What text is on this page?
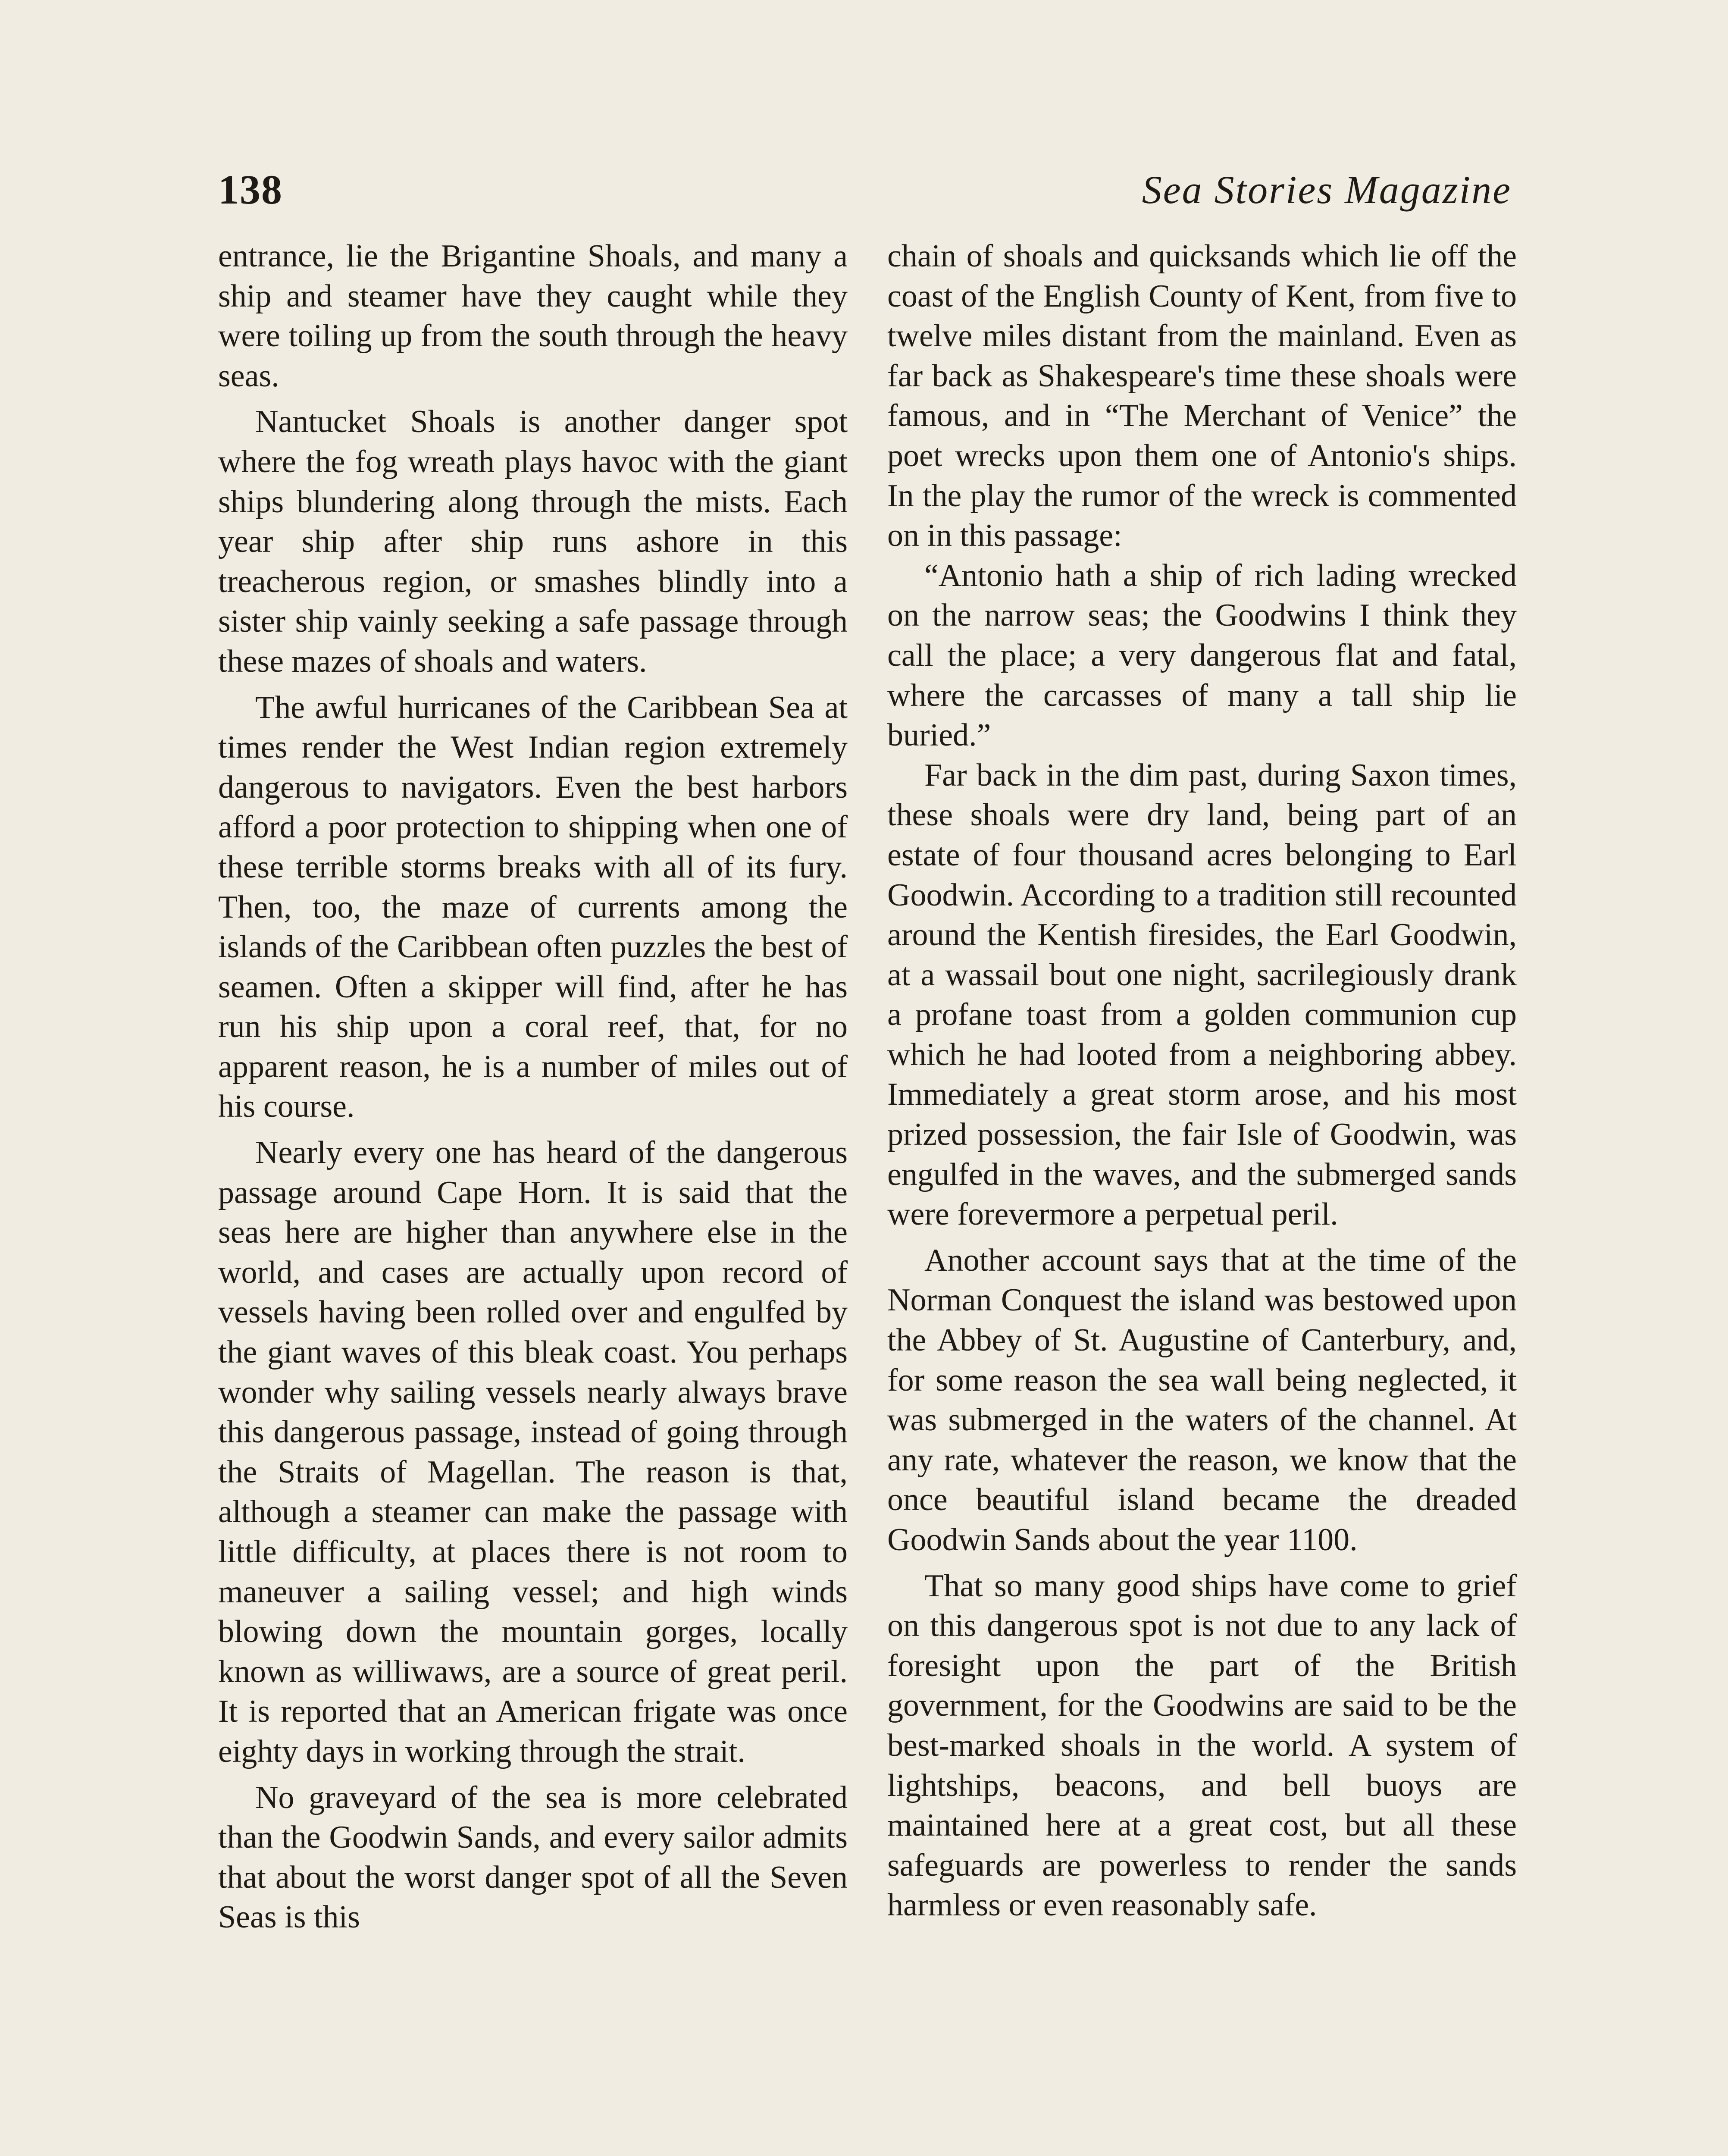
138	Sea Stories Magazine

entrance, lie the Brigantine Shoals, and many a ship and steamer have they caught while they were toiling up from the south through the heavy seas.

Nantucket Shoals is another danger spot where the fog wreath plays havoc with the giant ships blundering along through the mists. Each year ship after ship runs ashore in this treacherous region, or smashes blindly into a sister ship vainly seeking a safe passage through these mazes of shoals and waters.

The awful hurricanes of the Caribbean Sea at times render the West Indian region extremely dangerous to navigators. Even the best harbors afford a poor protection to shipping when one of these terrible storms breaks with all of its fury. Then, too, the maze of currents among the islands of the Caribbean often puzzles the best of seamen. Often a skipper will find, after he has run his ship upon a coral reef, that, for no apparent reason, he is a number of miles out of his course.

Nearly every one has heard of the dangerous passage around Cape Horn. It is said that the seas here are higher than anywhere else in the world, and cases are actually upon record of vessels having been rolled over and engulfed by the giant waves of this bleak coast. You perhaps wonder why sailing vessels nearly always brave this dangerous passage, instead of going through the Straits of Magellan. The reason is that, although a steamer can make the passage with little difficulty, at places there is not room to maneuver a sailing vessel; and high winds blowing down the mountain gorges, locally known as williwaws, are a source of great peril. It is reported that an American frigate was once eighty days in working through the strait.

No graveyard of the sea is more celebrated than the Goodwin Sands, and every sailor admits that about the worst danger spot of all the Seven Seas is this

chain of shoals and quicksands which lie off the coast of the English County of Kent, from five to twelve miles distant from the mainland. Even as far back as Shakespeare's time these shoals were famous, and in “The Merchant of Venice” the poet wrecks upon them one of Antonio's ships. In the play the rumor of the wreck is commented on in this passage:

“Antonio hath a ship of rich lading wrecked on the narrow seas; the Goodwins I think they call the place; a very dangerous flat and fatal, where the carcasses of many a tall ship lie buried.”

Far back in the dim past, during Saxon times, these shoals were dry land, being part of an estate of four thousand acres belonging to Earl Goodwin. According to a tradition still recounted around the Kentish firesides, the Earl Goodwin, at a wassail bout one night, sacrilegiously drank a profane toast from a golden communion cup which he had looted from a neighboring abbey. Immediately a great storm arose, and his most prized possession, the fair Isle of Goodwin, was engulfed in the waves, and the submerged sands were forevermore a perpetual peril.

Another account says that at the time of the Norman Conquest the island was bestowed upon the Abbey of St. Augustine of Canterbury, and, for some reason the sea wall being neglected, it was submerged in the waters of the channel. At any rate, whatever the reason, we know that the once beautiful island became the dreaded Goodwin Sands about the year 1100.

That so many good ships have come to grief on this dangerous spot is not due to any lack of foresight upon the part of the British government, for the Goodwins are said to be the best-marked shoals in the world. A system of lightships, beacons, and bell buoys are maintained here at a great cost, but all these safeguards are powerless to render the sands harmless or even reasonably safe.
